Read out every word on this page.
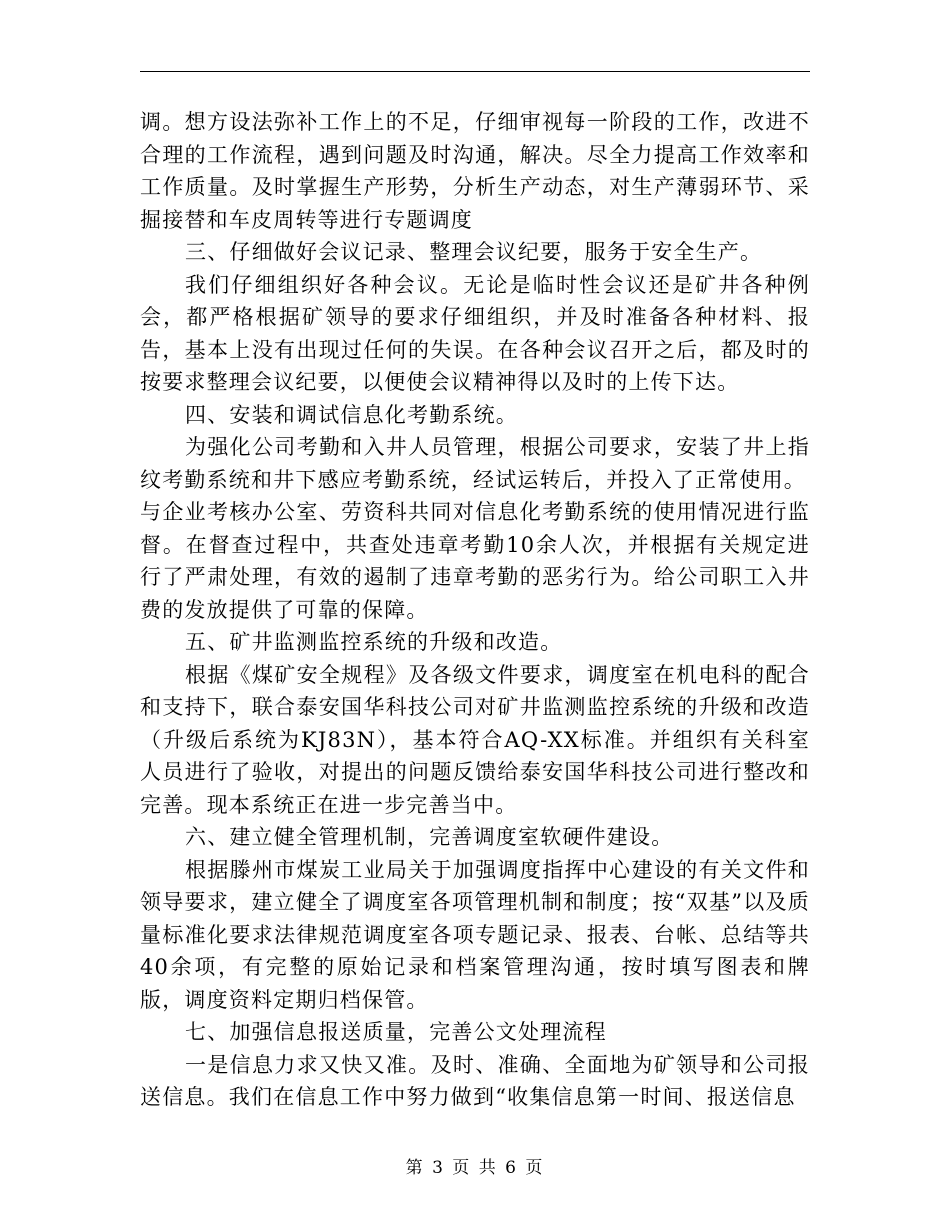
调。想方设法弥补工作上的不足，仔细审视每一阶段的工作，改进不合理的工作流程，遇到问题及时沟通，解决。尽全力提高工作效率和工作质量。及时掌握生产形势，分析生产动态，对生产薄弱环节、采掘接替和车皮周转等进行专题调度

三、仔细做好会议记录、整理会议纪要，服务于安全生产。

我们仔细组织好各种会议。无论是临时性会议还是矿井各种例会，都严格根据矿领导的要求仔细组织，并及时准备各种材料、报告，基本上没有出现过任何的失误。在各种会议召开之后，都及时的按要求整理会议纪要，以便使会议精神得以及时的上传下达。

四、安装和调试信息化考勤系统。

为强化公司考勤和入井人员管理，根据公司要求，安装了井上指纹考勤系统和井下感应考勤系统，经试运转后，并投入了正常使用。

与企业考核办公室、劳资科共同对信息化考勤系统的使用情况进行监督。在督查过程中，共查处违章考勤10余人次，并根据有关规定进行了严肃处理，有效的遏制了违章考勤的恶劣行为。给公司职工入井费的发放提供了可靠的保障。

五、矿井监测监控系统的升级和改造。

根据《煤矿安全规程》及各级文件要求，调度室在机电科的配合和支持下，联合泰安国华科技公司对矿井监测监控系统的升级和改造（升级后系统为KJ83N），基本符合AQ-XX标准。并组织有关科室人员进行了验收，对提出的问题反馈给泰安国华科技公司进行整改和完善。现本系统正在进一步完善当中。

六、建立健全管理机制，完善调度室软硬件建设。

根据滕州市煤炭工业局关于加强调度指挥中心建设的有关文件和领导要求，建立健全了调度室各项管理机制和制度；按“双基”以及质量标准化要求法律规范调度室各项专题记录、报表、台帐、总结等共40余项，有完整的原始记录和档案管理沟通，按时填写图表和牌版，调度资料定期归档保管。

七、加强信息报送质量，完善公文处理流程

一是信息力求又快又准。及时、准确、全面地为矿领导和公司报送信息。我们在信息工作中努力做到“收集信息第一时间、报送信息

第 3 页 共 6 页
